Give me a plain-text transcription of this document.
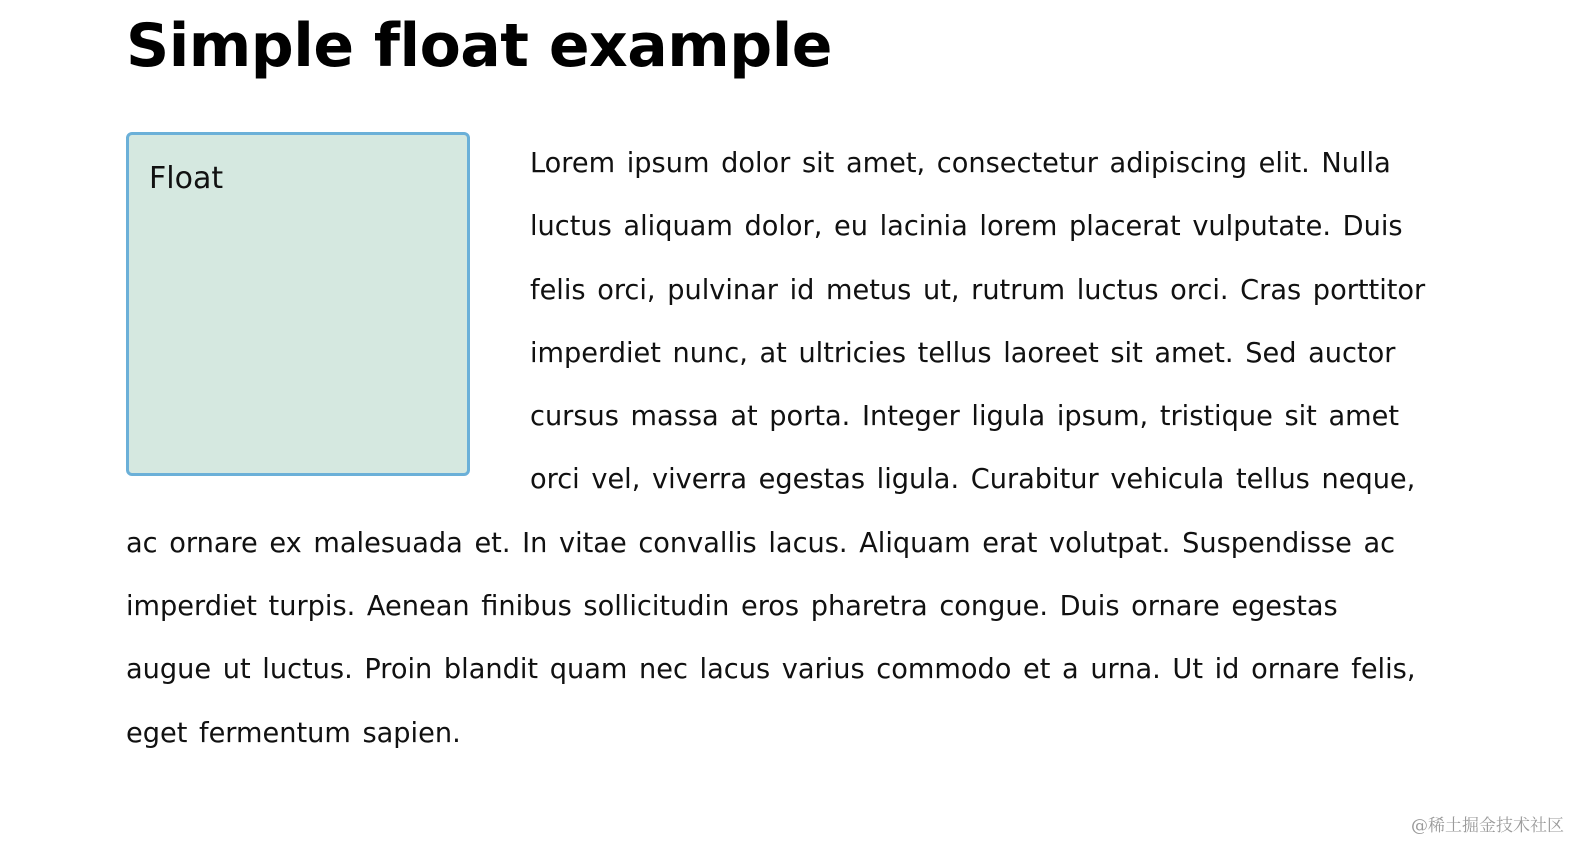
Simple float example
Float	Lorem ipsum dolor sit amet, consectetur adipiscing elit. Nulla luctus aliquam dolor, eu lacinia lorem placerat vulputate. Duis felis orci, pulvinar id metus ut, rutrum luctus orci. Cras porttitor imperdiet nunc, at ultricies tellus laoreet sit amet. Sed auctor cursus massa at porta. Integer ligula ipsum, tristique sit amet orci vel, viverra egestas ligula. Curabitur vehicula tellus neque, ac ornare ex malesuada et. In vitae convallis lacus. Aliquam erat volutpat. Suspendisse ac imperdiet turpis. Aenean finibus sollicitudin eros pharetra congue. Duis ornare egestas augue ut luctus. Proin blandit quam nec lacus varius commodo et a urna. Ut id ornare felis, eget fermentum sapien.

@稀土掘金技术社区
